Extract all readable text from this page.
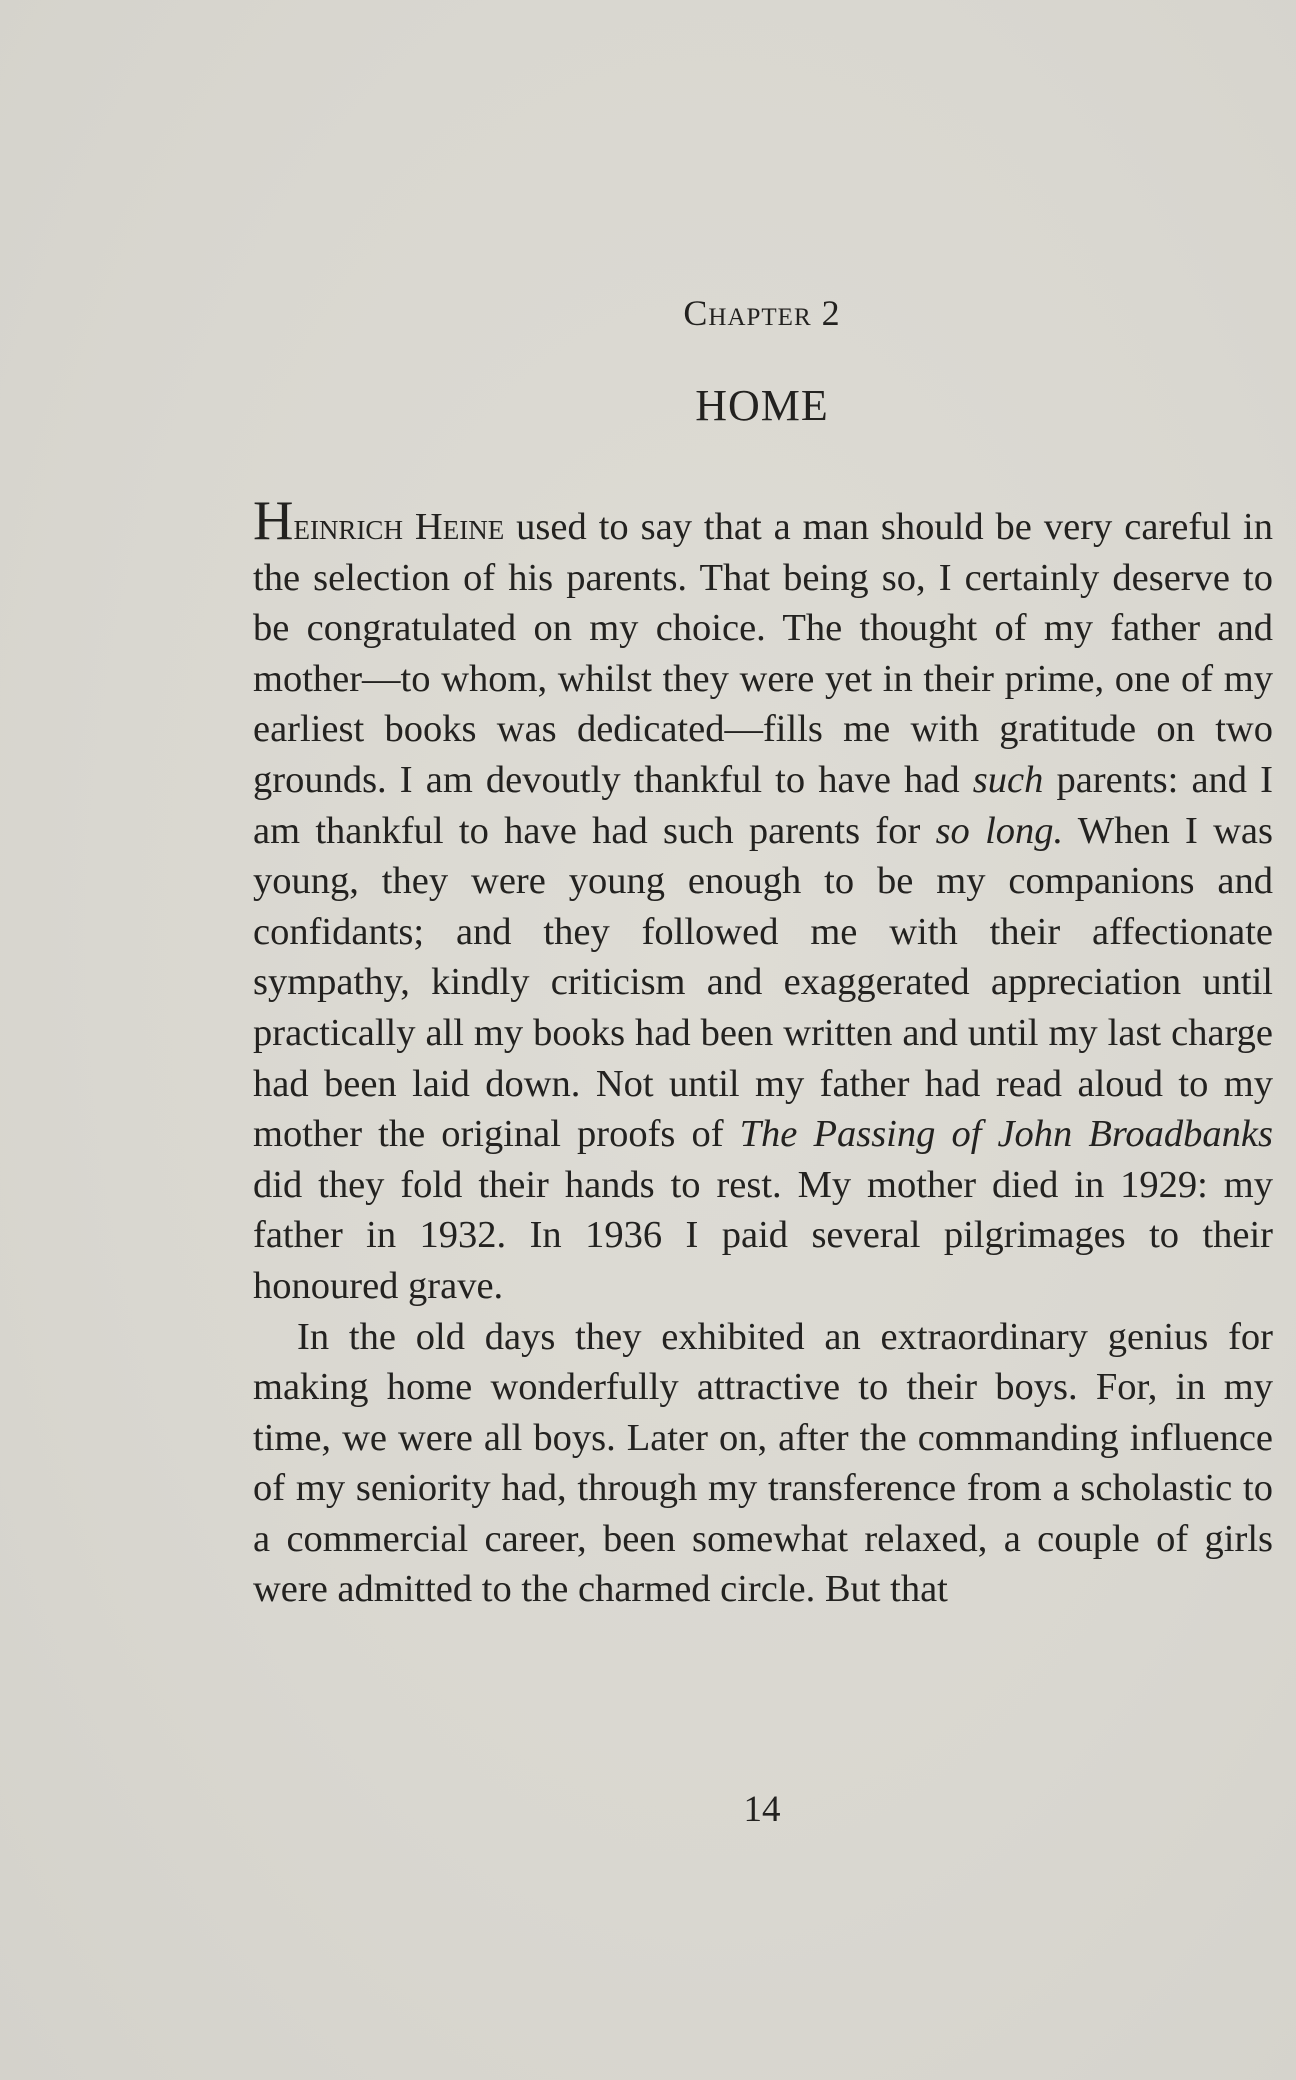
Chapter 2
HOME

Heinrich Heine used to say that a man should be very careful in the selection of his parents. That being so, I certainly deserve to be congratulated on my choice. The thought of my father and mother—to whom, whilst they were yet in their prime, one of my earliest books was dedicated—fills me with gratitude on two grounds. I am devoutly thankful to have had such parents: and I am thankful to have had such parents for so long. When I was young, they were young enough to be my companions and confidants; and they followed me with their affectionate sympathy, kindly criticism and exaggerated appreciation until practically all my books had been written and until my last charge had been laid down. Not until my father had read aloud to my mother the original proofs of The Passing of John Broadbanks did they fold their hands to rest. My mother died in 1929: my father in 1932. In 1936 I paid several pilgrimages to their honoured grave.

In the old days they exhibited an extraordinary genius for making home wonderfully attractive to their boys. For, in my time, we were all boys. Later on, after the commanding influence of my seniority had, through my transference from a scholastic to a commercial career, been somewhat relaxed, a couple of girls were admitted to the charmed circle. But that

14
